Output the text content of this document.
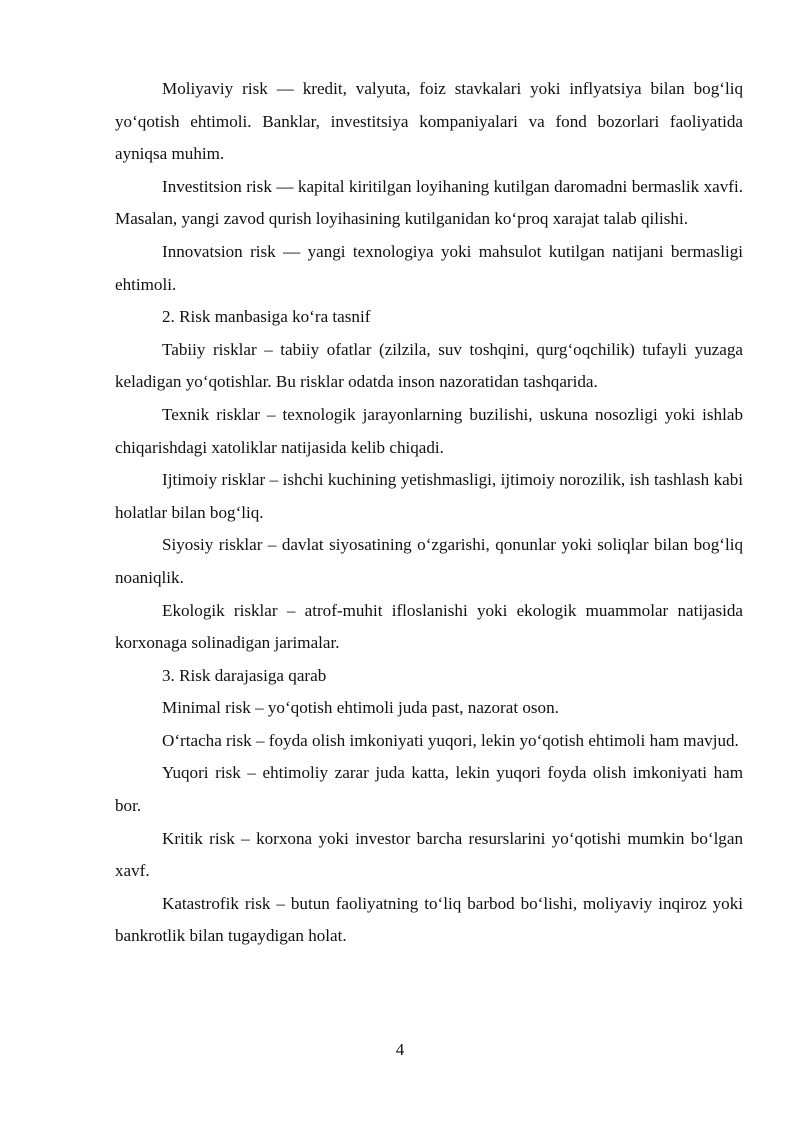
Moliyaviy risk — kredit, valyuta, foiz stavkalari yoki inflyatsiya bilan bog‘liq yo‘qotish ehtimoli. Banklar, investitsiya kompaniyalari va fond bozorlari faoliyatida ayniqsa muhim.

Investitsion risk — kapital kiritilgan loyihaning kutilgan daromadni bermaslik xavfi. Masalan, yangi zavod qurish loyihasining kutilganidan ko‘proq xarajat talab qilishi.

Innovatsion risk — yangi texnologiya yoki mahsulot kutilgan natijani bermasligi ehtimoli.

2. Risk manbasiga ko‘ra tasnif

Tabiiy risklar – tabiiy ofatlar (zilzila, suv toshqini, qurg‘oqchilik) tufayli yuzaga keladigan yo‘qotishlar. Bu risklar odatda inson nazoratidan tashqarida.

Texnik risklar – texnologik jarayonlarning buzilishi, uskuna nosozligi yoki ishlab chiqarishdagi xatoliklar natijasida kelib chiqadi.

Ijtimoiy risklar – ishchi kuchining yetishmasligi, ijtimoiy norozilik, ish tashlash kabi holatlar bilan bog‘liq.

Siyosiy risklar – davlat siyosatining o‘zgarishi, qonunlar yoki soliqlar bilan bog‘liq noaniqlik.

Ekologik risklar – atrof-muhit ifloslanishi yoki ekologik muammolar natijasida korxonaga solinadigan jarimalar.

3. Risk darajasiga qarab

Minimal risk – yo‘qotish ehtimoli juda past, nazorat oson.

O‘rtacha risk – foyda olish imkoniyati yuqori, lekin yo‘qotish ehtimoli ham mavjud.

Yuqori risk – ehtimoliy zarar juda katta, lekin yuqori foyda olish imkoniyati ham bor.

Kritik risk – korxona yoki investor barcha resurslarini yo‘qotishi mumkin bo‘lgan xavf.

Katastrofik risk – butun faoliyatning to‘liq barbod bo‘lishi, moliyaviy inqiroz yoki bankrotlik bilan tugaydigan holat.

4
